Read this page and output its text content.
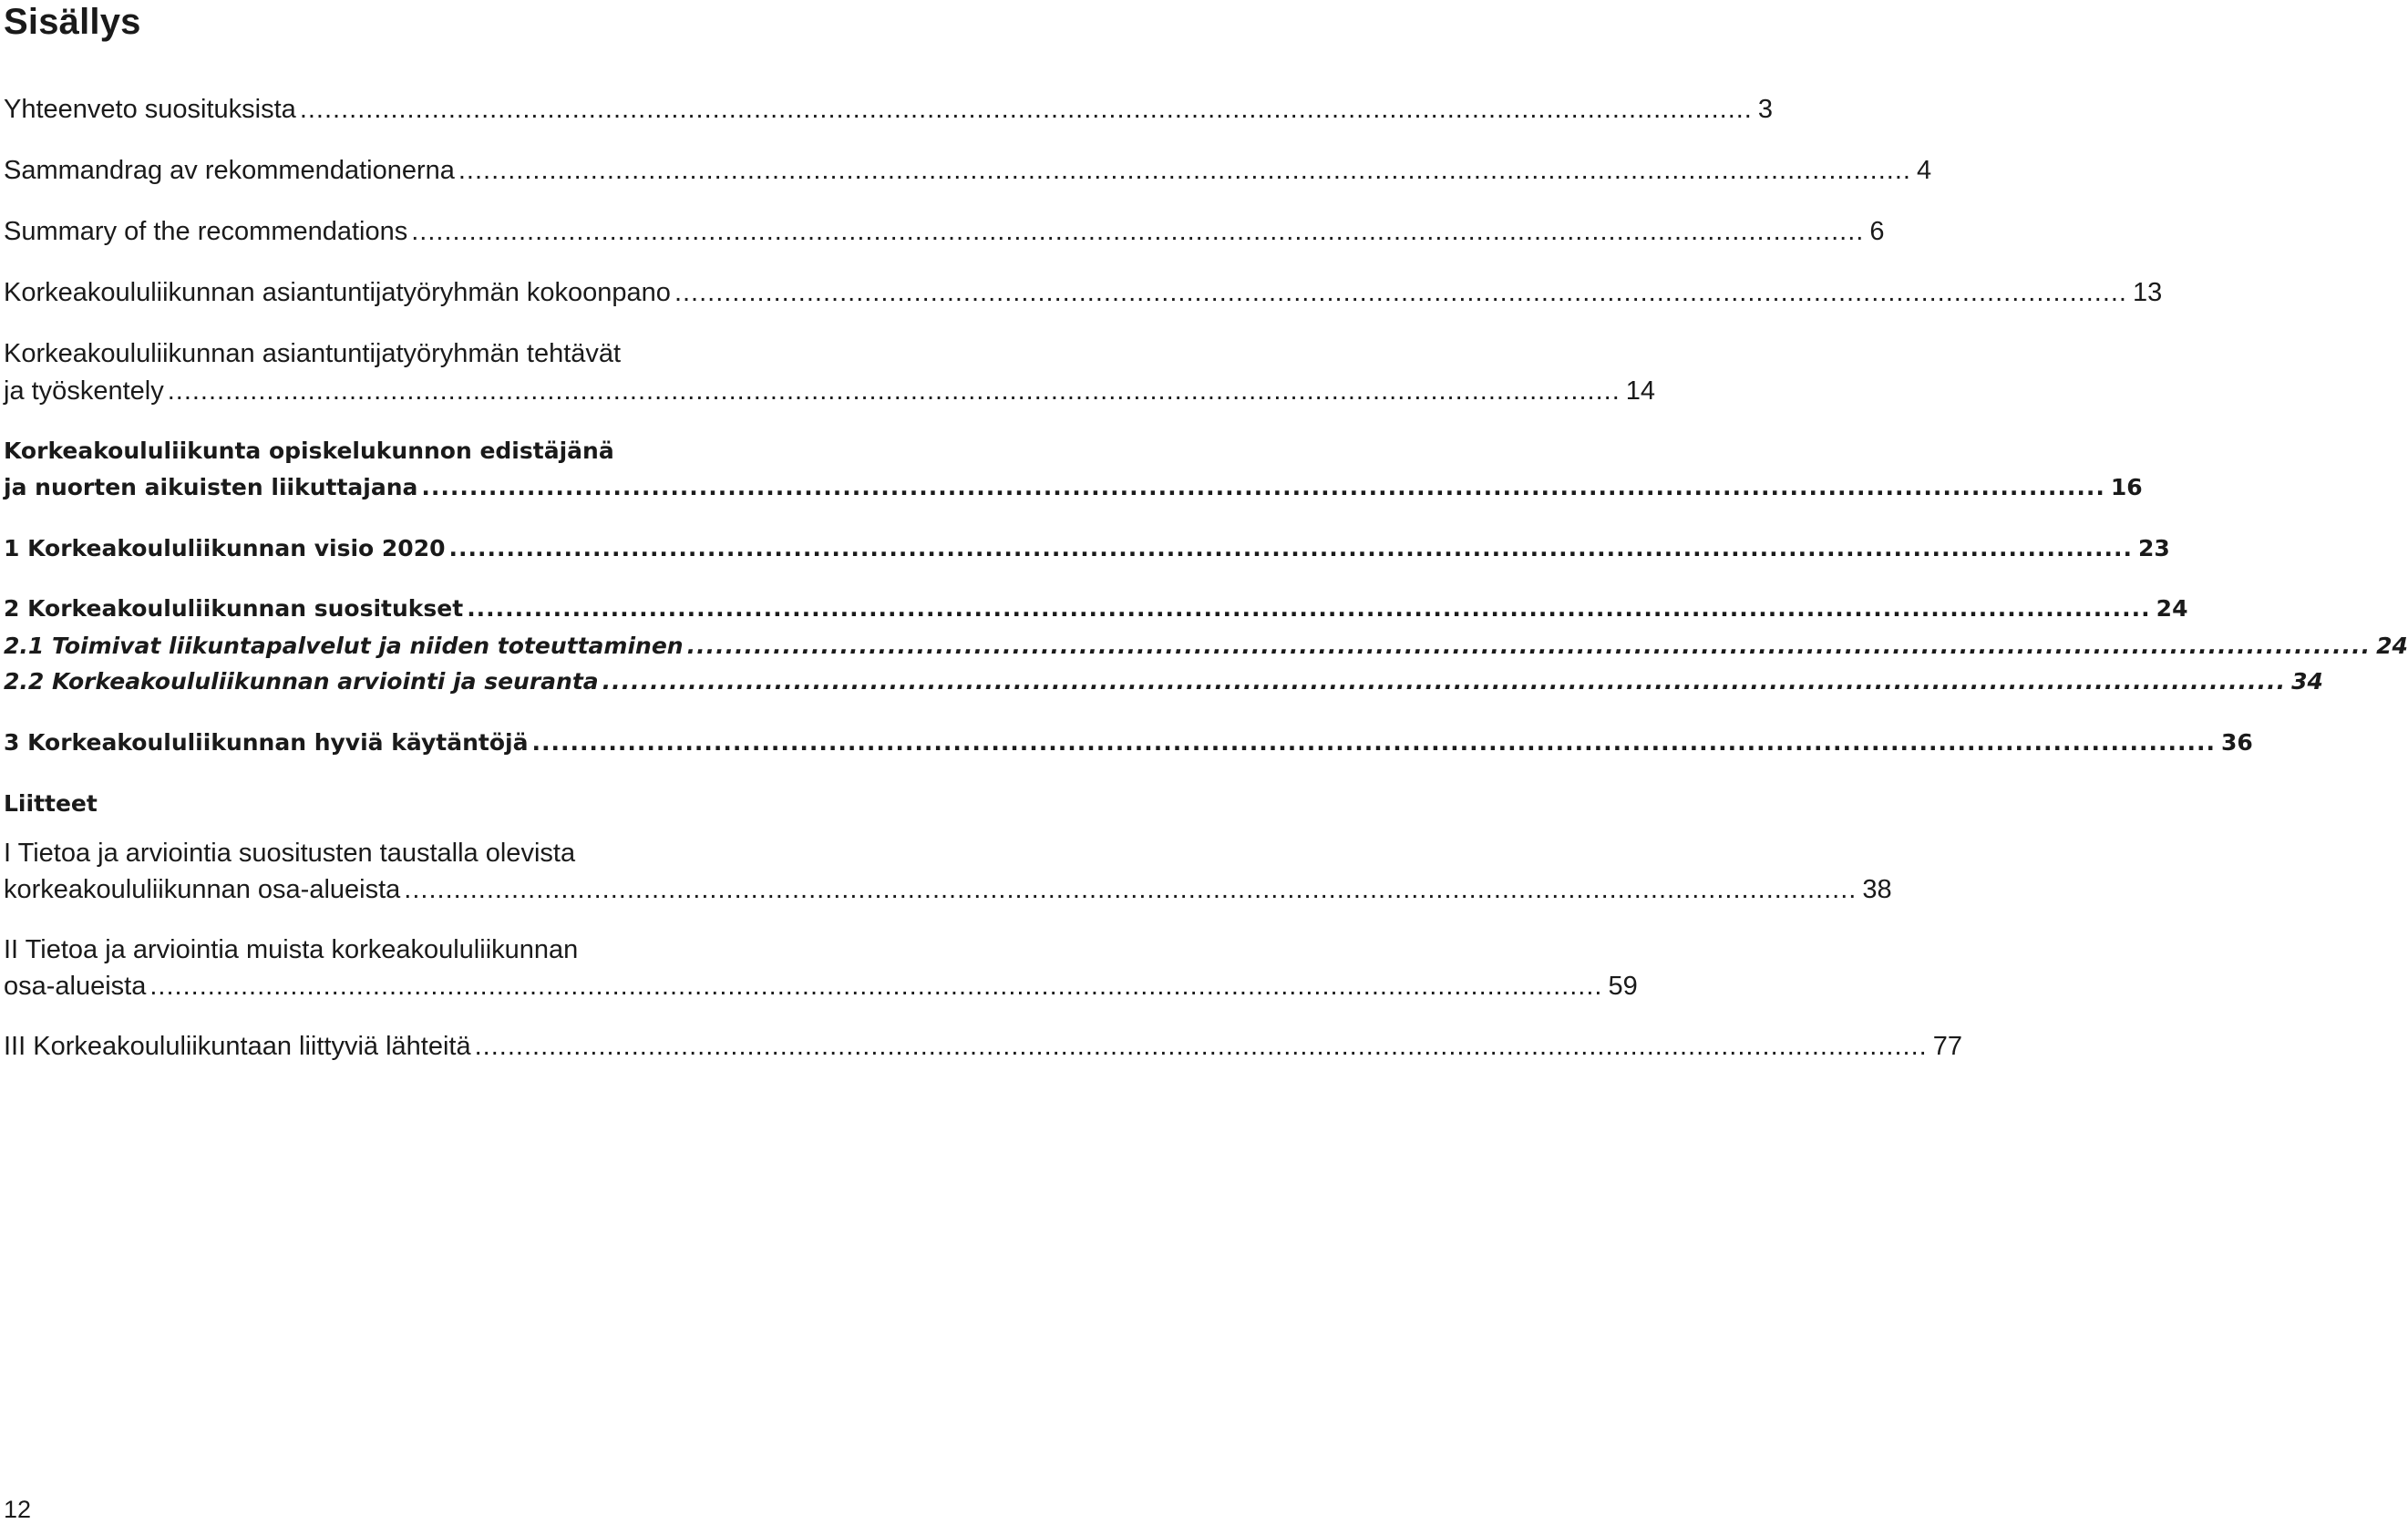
Sisällys
Yhteenveto suosituksista ................................................................................................................................................................................ 3
Sammandrag av rekommendationerna ................................................................................................................................................................................ 4
Summary of the recommendations ................................................................................................................................................................................ 6
Korkeakoululiikunnan asiantuntijatyöryhmän kokoonpano ................................................................................................................................................................................ 13
Korkeakoululiikunnan asiantuntijatyöryhmän tehtävät
ja työskentely ................................................................................................................................................................................ 14
Korkeakoululiikunta opiskelukunnon edistäjänä
ja nuorten aikuisten liikuttajana ................................................................................................................................................................................ 16
1 Korkeakoululiikunnan visio 2020 ................................................................................................................................................................................ 23
2 Korkeakoululiikunnan suositukset ................................................................................................................................................................................ 24
2.1 Toimivat liikuntapalvelut ja niiden toteuttaminen ................................................................................................................................................................................ 24
2.2 Korkeakoululiikunnan arviointi ja seuranta ................................................................................................................................................................................ 34
3 Korkeakoululiikunnan hyviä käytäntöjä ................................................................................................................................................................................ 36
Liitteet
I Tietoa ja arviointia suositusten taustalla olevista
korkeakoululiikunnan osa-alueista ................................................................................................................................................................................ 38
II Tietoa ja arviointia muista korkeakoululiikunnan
osa-alueista ................................................................................................................................................................................ 59
III Korkeakoululiikuntaan liittyviä lähteitä ................................................................................................................................................................................ 77
12
